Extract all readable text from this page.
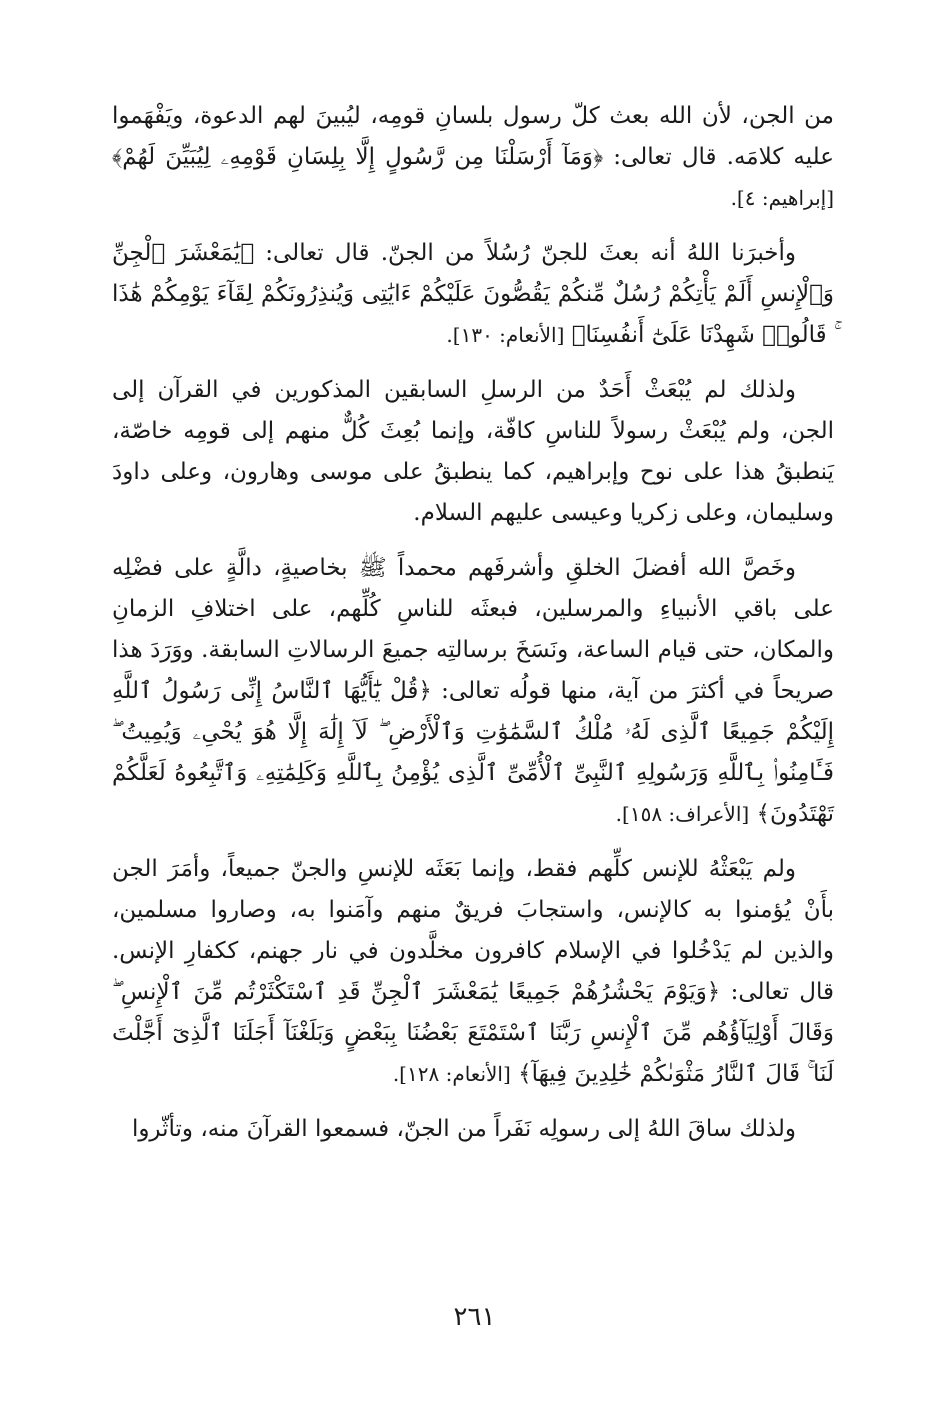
من الجن، لأن الله بعث كلّ رسول بلسانِ قومِه، ليُبينَ لهم الدعوة، ويَفْهَموا عليه كلامَه. قال تعالى: ﴿وَمَآ أَرْسَلْنَا مِن رَّسُولٍ إِلَّا بِلِسَانِ قَوْمِهِۦ لِيُبَيِّنَ لَهُمْ﴾ [إبراهيم: ٤].

وأخبرَنا اللهُ أنه بعثَ للجنّ رُسُلاً من الجنّ. قال تعالى: ﴿يَٰمَعْشَرَ ٱلْجِنِّ وَٱلْإِنسِ أَلَمْ يَأْتِكُمْ رُسُلٌ مِّنكُمْ يَقُصُّونَ عَلَيْكُمْ ءَايَٰتِى وَيُنذِرُونَكُمْ لِقَآءَ يَوْمِكُمْ هَٰذَا ۚ قَالُوا۟ شَهِدْنَا عَلَىٰٓ أَنفُسِنَا﴾ [الأنعام: ١٣٠].

ولذلك لم يُبْعَثْ أَحَدٌ من الرسلِ السابقين المذكورين في القرآن إلى الجن، ولم يُبْعَثْ رسولاً للناسِ كافّة، وإنما بُعِثَ كُلٌّ منهم إلى قومِه خاصّة، يَنطبقُ هذا على نوح وإبراهيم، كما ينطبقُ على موسى وهارون، وعلى داودَ وسليمان، وعلى زكريا وعيسى عليهم السلام.

وخَصَّ الله أفضلَ الخلقِ وأشرفَهم محمداً ﷺ بخاصيةٍ، دالَّةٍ على فضْلِه على باقي الأنبياءِ والمرسلين، فبعثَه للناسِ كُلِّهم، على اختلافِ الزمانِ والمكان، حتى قيام الساعة، ونَسَخَ برسالتِه جميعَ الرسالاتِ السابقة. ووَرَدَ هذا صريحاً في أكثرَ من آية، منها قولُه تعالى: ﴿قُلْ يَٰٓأَيُّهَا ٱلنَّاسُ إِنِّى رَسُولُ ٱللَّهِ إِلَيْكُمْ جَمِيعًا ٱلَّذِى لَهُۥ مُلْكُ ٱلسَّمَٰوَٰتِ وَٱلْأَرْضِ ۖ لَآ إِلَٰهَ إِلَّا هُوَ يُحْىِۦ وَيُمِيتُ ۖ فَـَٔامِنُوا۟ بِٱللَّهِ وَرَسُولِهِ ٱلنَّبِىِّ ٱلْأُمِّىِّ ٱلَّذِى يُؤْمِنُ بِٱللَّهِ وَكَلِمَٰتِهِۦ وَٱتَّبِعُوهُ لَعَلَّكُمْ تَهْتَدُونَ﴾ [الأعراف: ١٥٨].

ولم يَبْعَثْهُ للإنس كلِّهم فقط، وإنما بَعَثَه للإنسِ والجنّ جميعاً، وأمَرَ الجن بأَنْ يُؤمنوا به كالإنس، واستجابَ فريقٌ منهم وآمَنوا به، وصاروا مسلمين، والذين لم يَدْخُلوا في الإسلام كافرون مخلَّدون في نار جهنم، ككفارِ الإنس. قال تعالى: ﴿وَيَوْمَ يَحْشُرُهُمْ جَمِيعًا يَٰمَعْشَرَ ٱلْجِنِّ قَدِ ٱسْتَكْثَرْتُم مِّنَ ٱلْإِنسِ ۖ وَقَالَ أَوْلِيَآؤُهُم مِّنَ ٱلْإِنسِ رَبَّنَا ٱسْتَمْتَعَ بَعْضُنَا بِبَعْضٍ وَبَلَغْنَآ أَجَلَنَا ٱلَّذِىٓ أَجَّلْتَ لَنَا ۚ قَالَ ٱلنَّارُ مَثْوَىٰكُمْ خَٰلِدِينَ فِيهَآ﴾ [الأنعام: ١٢٨].

ولذلك ساقَ اللهُ إلى رسولِه نَفَراً من الجنّ، فسمعوا القرآنَ منه، وتأثّروا

٢٦١
